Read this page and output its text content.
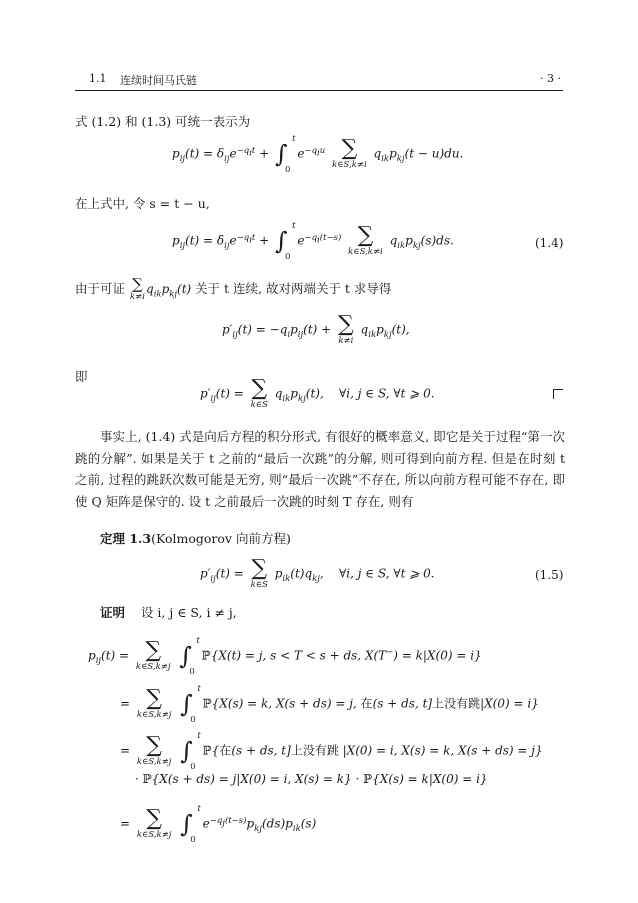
1.1 连续时间马氏链	· 3 ·
式 (1.2) 和 (1.3) 可统一表示为
$p_{ij}(t) = \delta_{ij}e^{-q_it}$ + ∫
t
0
$e^{-q_iu}$ ∑
k∈S,k≠i
$q_{ik}p_{kj}(t - u)du$.
在上式中, 令 s = t − u,
$p_{ij}(t) = \delta_{ij}e^{-q_it}$ + ∫
t
0
$e^{-q_i(t-s)}$ ∑
k∈S,k≠i
$q_{ik}p_{kj}(s)ds$.	(1.4)
由于可证 ∑
k≠i
$q_{ik}p_{kj}(t)$ 关于 t 连续, 故对两端关于 t 求导得
$p'_{ij}(t) = -q_ip_{ij}(t)$ + ∑
k≠i
$q_{ik}p_{kj}(t)$,
即
$p'_{ij}(t)$ = ∑
k∈S
$q_{ik}p_{kj}(t)$,    ∀i, j ∈ S, ∀t ⩾ 0.
事实上, (1.4) 式是向后方程的积分形式, 有很好的概率意义, 即它是关于过程“第一次跳的分解”. 如果是关于 t 之前的“最后一次跳”的分解, 则可得到向前方程. 但是在时刻 t 之前, 过程的跳跃次数可能是无穷, 则“最后一次跳”不存在, 所以向前方程可能不存在, 即使 Q 矩阵是保守的. 设 t 之前最后一次跳的时刻 T 存在, 则有
定理 1.3(Kolmogorov 向前方程)
$p'_{ij}(t)$ = ∑
k∈S
$p_{ik}(t)q_{kj}$,    ∀i, j ∈ S, ∀t ⩾ 0.	(1.5)
证明 设 i, j ∈ S, i ≠ j,
$p_{ij}(t)$ = ∑
k∈S,k≠j ∫
t
0
ℙ{X(t) = j, s < T < s + ds, X(T−) = k|X(0) = i}
= ∑
k∈S,k≠j ∫
t
0
ℙ{X(s) = k, X(s + ds) = j, 在(s + ds, t]上没有跳|X(0) = i}
= ∑
k∈S,k≠j ∫
t
0
ℙ{在(s + ds, t]上没有跳 |X(0) = i, X(s) = k, X(s + ds) = j}
· ℙ{X(s + ds) = j|X(0) = i, X(s) = k} · ℙ{X(s) = k|X(0) = i}
= ∑
k∈S,k≠j ∫
t
0
$e^{-q_j(t-s)}p_{kj}(ds)p_{ik}(s)$
